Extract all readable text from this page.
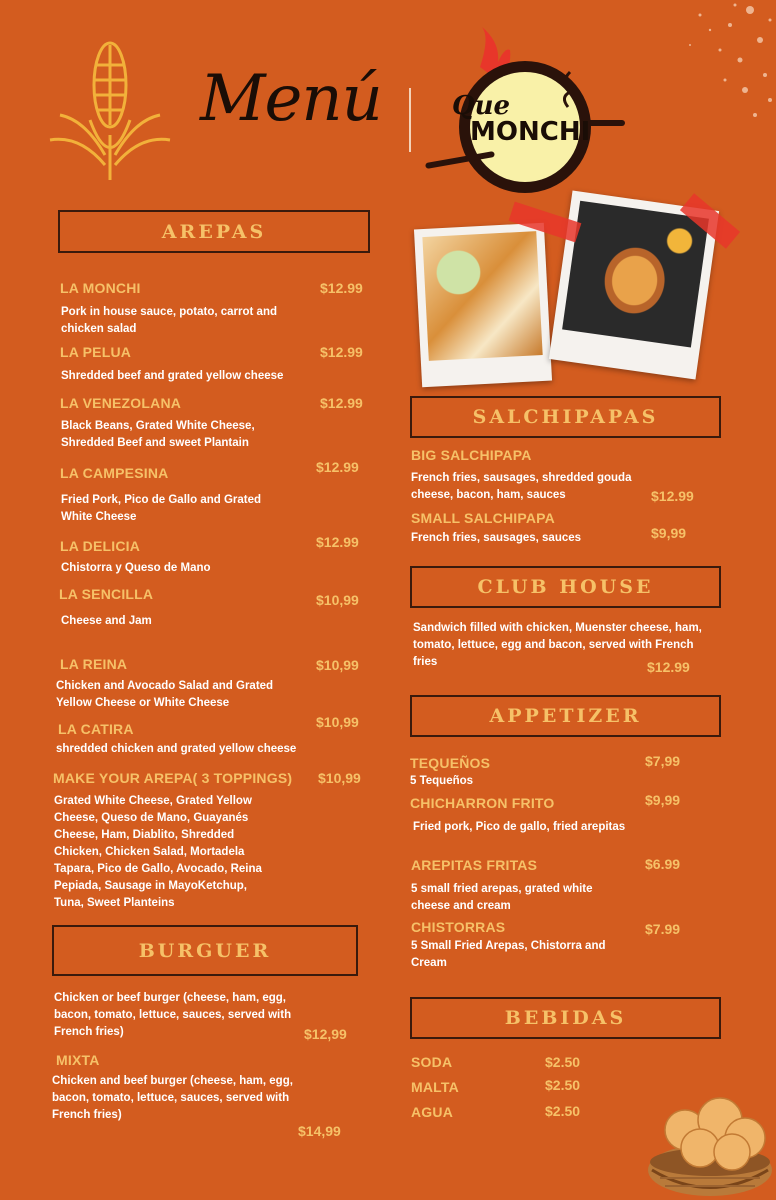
Menú	Que
MONCHI
AREPAS
LA MONCHI	$12.99
Pork in house sauce, potato, carrot and chicken salad
LA PELUA	$12.99
Shredded beef and grated yellow cheese
LA VENEZOLANA	$12.99
Black Beans, Grated White Cheese, Shredded Beef and sweet Plantain
LA CAMPESINA	$12.99
Fried Pork, Pico de Gallo and Grated White Cheese
LA DELICIA	$12.99
Chistorra y Queso de Mano
LA SENCILLA	$10,99
Cheese and Jam
LA REINA	$10,99
Chicken and Avocado Salad and Grated Yellow Cheese or White Cheese
LA CATIRA	$10,99
shredded chicken and grated yellow cheese
MAKE YOUR AREPA( 3 TOPPINGS) $10,99
Grated White Cheese, Grated Yellow Cheese, Queso de Mano, Guayanés Cheese, Ham, Diablito, Shredded Chicken, Chicken Salad, Mortadela Tapara, Pico de Gallo, Avocado, Reina Pepiada, Sausage in MayoKetchup, Tuna, Sweet Planteins
BURGUER
Chicken or beef burger (cheese, ham, egg, bacon, tomato, lettuce, sauces, served with French fries)	$12,99
MIXTA
Chicken and beef burger (cheese, ham, egg, bacon, tomato, lettuce, sauces, served with French fries)
$14,99
SALCHIPAPAS
BIG SALCHIPAPA
French fries, sausages, shredded gouda cheese, bacon, ham, sauces	$12.99
SMALL SALCHIPAPA
French fries, sausages, sauces	$9,99
CLUB HOUSE
Sandwich filled with chicken, Muenster cheese, ham, tomato, lettuce, egg and bacon, served with French fries	$12.99
APPETIZER
TEQUEÑOS	$7,99
5 Tequeños
CHICHARRON FRITO	$9,99
Fried pork, Pico de gallo, fried arepitas
AREPITAS FRITAS	$6.99
5 small fried arepas, grated white cheese and cream
CHISTORRAS	$7.99
5 Small Fried Arepas, Chistorra and Cream
BEBIDAS
SODA	$2.50
MALTA	$2.50
AGUA	$2.50
